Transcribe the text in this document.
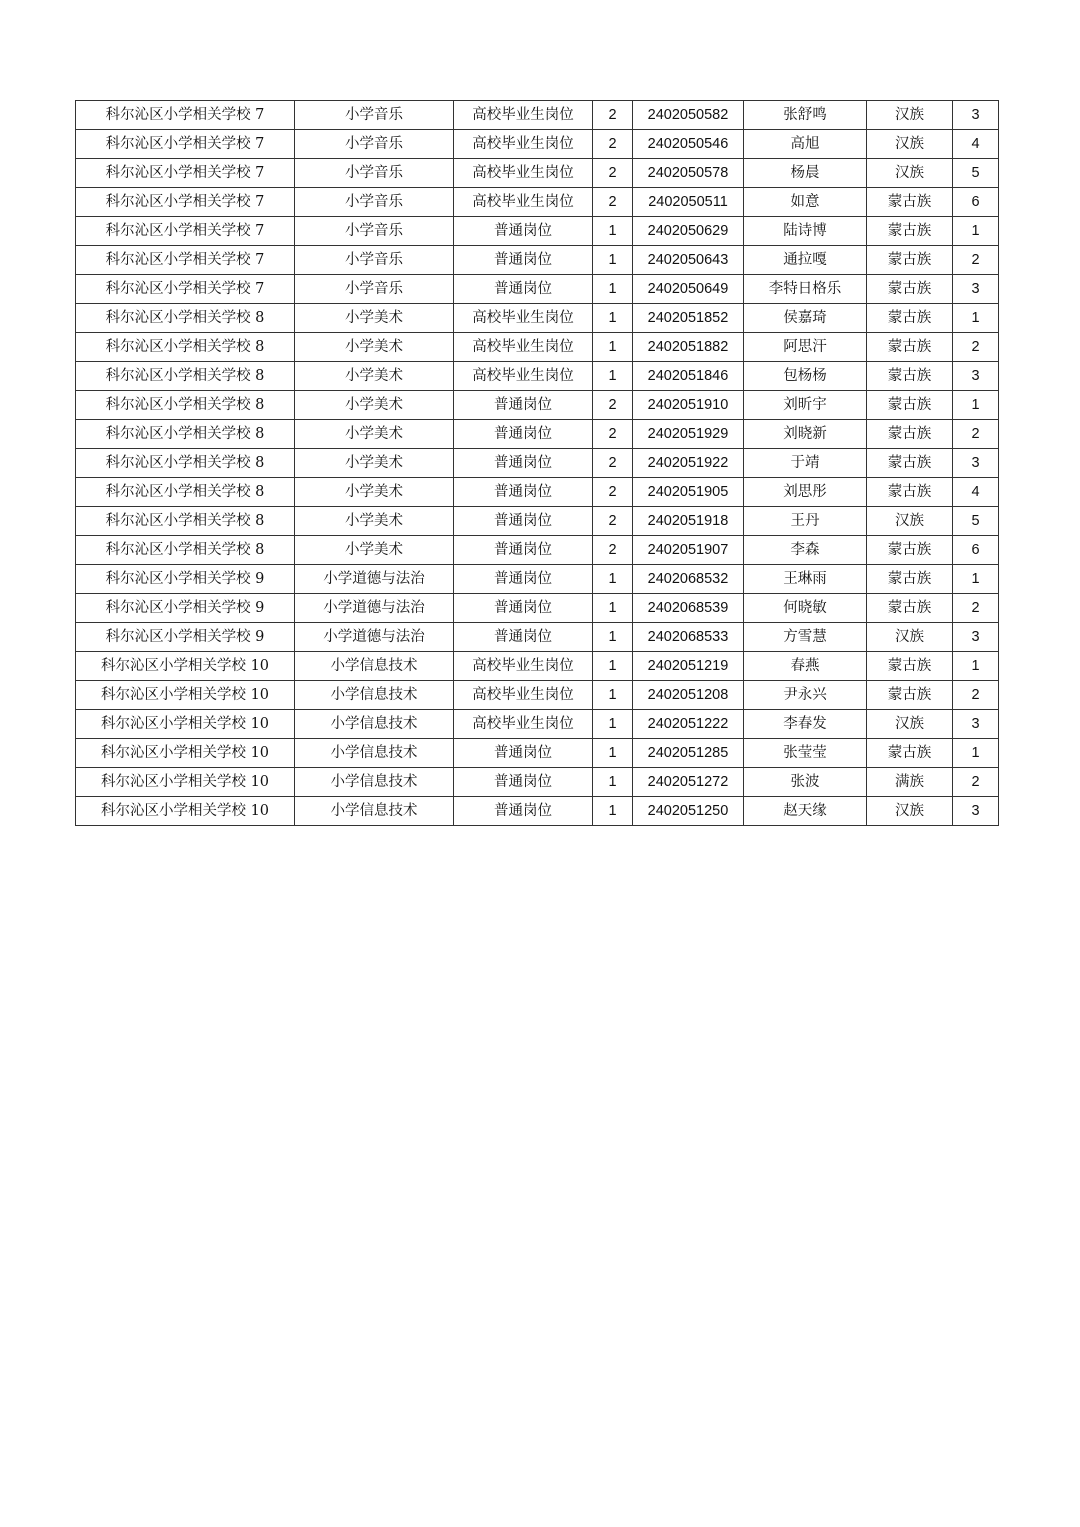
科尔沁区小学相关学校 7	小学音乐	高校毕业生岗位	2	2402050582	张舒鸣	汉族	3
科尔沁区小学相关学校 7	小学音乐	高校毕业生岗位	2	2402050546	高旭	汉族	4
科尔沁区小学相关学校 7	小学音乐	高校毕业生岗位	2	2402050578	杨晨	汉族	5
科尔沁区小学相关学校 7	小学音乐	高校毕业生岗位	2	2402050511	如意	蒙古族	6
科尔沁区小学相关学校 7	小学音乐	普通岗位	1	2402050629	陆诗博	蒙古族	1
科尔沁区小学相关学校 7	小学音乐	普通岗位	1	2402050643	通拉嘎	蒙古族	2
科尔沁区小学相关学校 7	小学音乐	普通岗位	1	2402050649	李特日格乐	蒙古族	3
科尔沁区小学相关学校 8	小学美术	高校毕业生岗位	1	2402051852	侯嘉琦	蒙古族	1
科尔沁区小学相关学校 8	小学美术	高校毕业生岗位	1	2402051882	阿思汗	蒙古族	2
科尔沁区小学相关学校 8	小学美术	高校毕业生岗位	1	2402051846	包杨杨	蒙古族	3
科尔沁区小学相关学校 8	小学美术	普通岗位	2	2402051910	刘昕宇	蒙古族	1
科尔沁区小学相关学校 8	小学美术	普通岗位	2	2402051929	刘晓新	蒙古族	2
科尔沁区小学相关学校 8	小学美术	普通岗位	2	2402051922	于靖	蒙古族	3
科尔沁区小学相关学校 8	小学美术	普通岗位	2	2402051905	刘思彤	蒙古族	4
科尔沁区小学相关学校 8	小学美术	普通岗位	2	2402051918	王丹	汉族	5
科尔沁区小学相关学校 8	小学美术	普通岗位	2	2402051907	李森	蒙古族	6
科尔沁区小学相关学校 9	小学道德与法治	普通岗位	1	2402068532	王琳雨	蒙古族	1
科尔沁区小学相关学校 9	小学道德与法治	普通岗位	1	2402068539	何晓敏	蒙古族	2
科尔沁区小学相关学校 9	小学道德与法治	普通岗位	1	2402068533	方雪慧	汉族	3
科尔沁区小学相关学校 10	小学信息技术	高校毕业生岗位	1	2402051219	春燕	蒙古族	1
科尔沁区小学相关学校 10	小学信息技术	高校毕业生岗位	1	2402051208	尹永兴	蒙古族	2
科尔沁区小学相关学校 10	小学信息技术	高校毕业生岗位	1	2402051222	李春发	汉族	3
科尔沁区小学相关学校 10	小学信息技术	普通岗位	1	2402051285	张莹莹	蒙古族	1
科尔沁区小学相关学校 10	小学信息技术	普通岗位	1	2402051272	张波	满族	2
科尔沁区小学相关学校 10	小学信息技术	普通岗位	1	2402051250	赵天缘	汉族	3
